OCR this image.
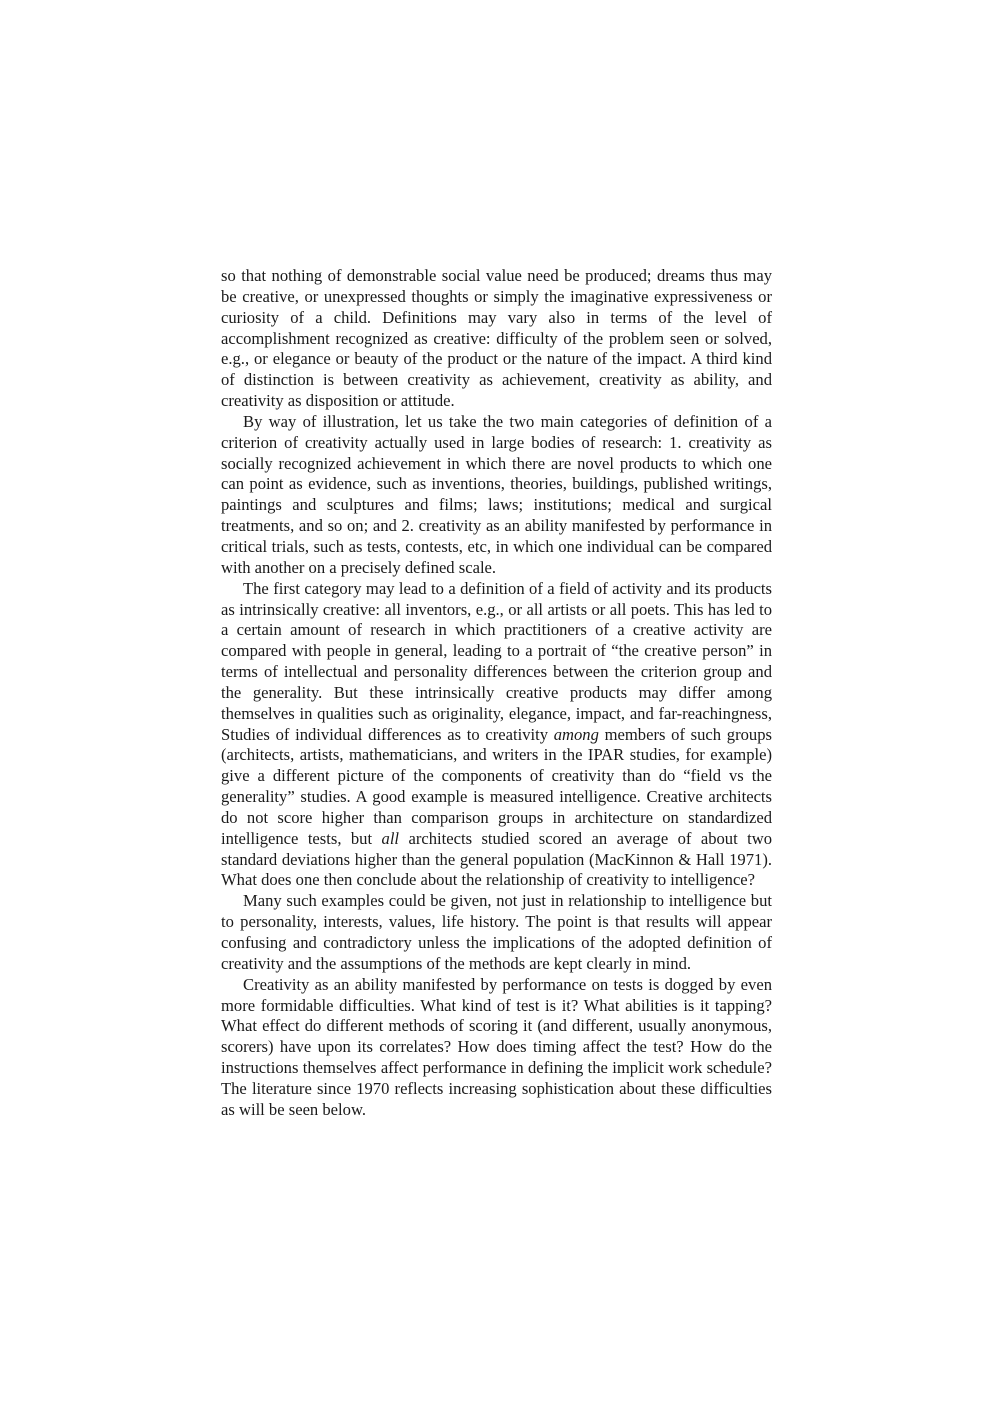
so that nothing of demonstrable social value need be produced; dreams thus may be creative, or unexpressed thoughts or simply the imaginative expressiveness or curiosity of a child. Definitions may vary also in terms of the level of accomplishment recognized as creative: difficulty of the problem seen or solved, e.g., or elegance or beauty of the product or the nature of the impact. A third kind of distinction is between creativity as achievement, creativity as ability, and creativity as disposition or attitude.

By way of illustration, let us take the two main categories of definition of a criterion of creativity actually used in large bodies of research: 1. creativity as socially recognized achievement in which there are novel products to which one can point as evidence, such as inventions, theories, buildings, published writings, paintings and sculptures and films; laws; institutions; medical and surgical treatments, and so on; and 2. creativity as an ability manifested by performance in critical trials, such as tests, contests, etc, in which one individual can be compared with another on a precisely defined scale.

The first category may lead to a definition of a field of activity and its products as intrinsically creative: all inventors, e.g., or all artists or all poets. This has led to a certain amount of research in which practitioners of a creative activity are compared with people in general, leading to a portrait of “the creative person” in terms of intellectual and personality differences between the criterion group and the generality. But these intrinsically creative products may differ among themselves in qualities such as originality, elegance, impact, and far-reachingness, Studies of individual differences as to creativity among members of such groups (architects, artists, mathematicians, and writers in the IPAR studies, for example) give a different picture of the components of creativity than do “field vs the generality” studies. A good example is measured intelligence. Creative architects do not score higher than comparison groups in architecture on standardized intelligence tests, but all architects studied scored an average of about two standard deviations higher than the general population (MacKinnon & Hall 1971). What does one then conclude about the relationship of creativity to intelligence?

Many such examples could be given, not just in relationship to intelligence but to personality, interests, values, life history. The point is that results will appear confusing and contradictory unless the implications of the adopted definition of creativity and the assumptions of the methods are kept clearly in mind.

Creativity as an ability manifested by performance on tests is dogged by even more formidable difficulties. What kind of test is it? What abilities is it tapping? What effect do different methods of scoring it (and different, usually anonymous, scorers) have upon its correlates? How does timing affect the test? How do the instructions themselves affect performance in defining the implicit work schedule? The literature since 1970 reflects increasing sophistication about these difficulties as will be seen below.
